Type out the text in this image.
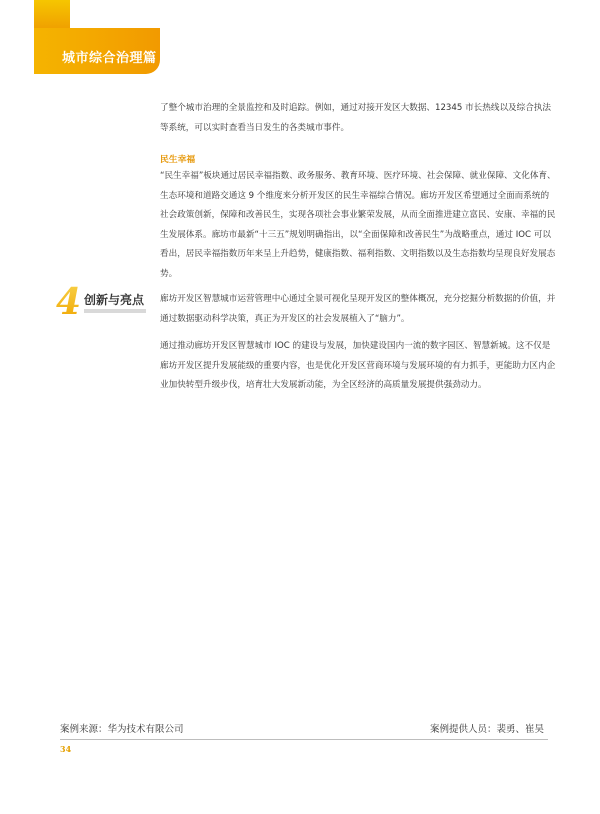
城市综合治理篇
了整个城市治理的全景监控和及时追踪。例如，通过对接开发区大数据、12345 市长热线以及综合执法等系统，可以实时查看当日发生的各类城市事件。
民生幸福
“民生幸福”板块通过居民幸福指数、政务服务、教育环境、医疗环境、社会保障、就业保障、文化体育、生态环境和道路交通这 9 个维度来分析开发区的民生幸福综合情况。廊坊开发区希望通过全面而系统的社会政策创新，保障和改善民生，实现各项社会事业繁荣发展，从而全面推进建立富民、安康、幸福的民生发展体系。廊坊市最新“十三五”规划明确指出，以“全面保障和改善民生”为战略重点，通过 IOC 可以看出，居民幸福指数历年来呈上升趋势，健康指数、福利指数、文明指数以及生态指数均呈现良好发展态势。
4 创新与亮点 廊坊开发区智慧城市运营管理中心通过全景可视化呈现开发区的整体概况，充分挖掘分析数据的价值，并通过数据驱动科学决策，真正为开发区的社会发展植入了“脑力”。
通过推动廊坊开发区智慧城市 IOC 的建设与发展，加快建设国内一流的数字园区、智慧新城。这不仅是廊坊开发区提升发展能级的重要内容，也是优化开发区营商环境与发展环境的有力抓手，更能助力区内企业加快转型升级步伐，培育壮大发展新动能，为全区经济的高质量发展提供强劲动力。
案例来源：华为技术有限公司	案例提供人员：裴勇、崔昊
34
